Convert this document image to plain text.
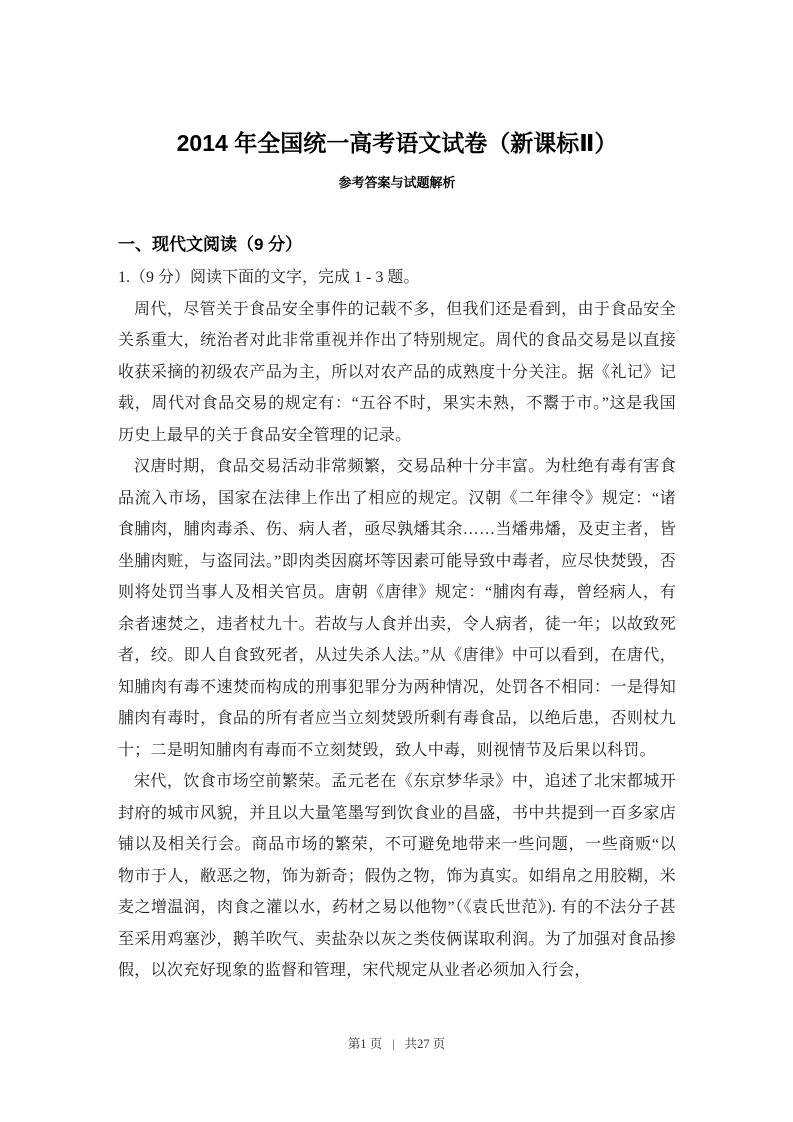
2014 年全国统一高考语文试卷（新课标Ⅱ）
参考答案与试题解析
一、现代文阅读（9 分）

1.（9 分）阅读下面的文字，完成 1 - 3 题。

周代，尽管关于食品安全事件的记载不多，但我们还是看到，由于食品安全关系重大，统治者对此非常重视并作出了特别规定。周代的食品交易是以直接收获采摘的初级农产品为主，所以对农产品的成熟度十分关注。据《礼记》记载，周代对食品交易的规定有：“五谷不时，果实未熟，不鬻于市。”这是我国历史上最早的关于食品安全管理的记录。

汉唐时期，食品交易活动非常频繁，交易品种十分丰富。为杜绝有毒有害食品流入市场，国家在法律上作出了相应的规定。汉朝《二年律令》规定：“诸食脯肉，脯肉毒杀、伤、病人者，亟尽孰燔其余……当燔弗燔，及吏主者，皆坐脯肉赃，与盗同法。”即肉类因腐坏等因素可能导致中毒者，应尽快焚毁，否则将处罚当事人及相关官员。唐朝《唐律》规定：“脯肉有毒，曾经病人，有余者速焚之，违者杖九十。若故与人食并出卖，令人病者，徒一年；以故致死者，绞。即人自食致死者，从过失杀人法。”从《唐律》中可以看到，在唐代，知脯肉有毒不速焚而构成的刑事犯罪分为两种情况，处罚各不相同：一是得知脯肉有毒时，食品的所有者应当立刻焚毁所剩有毒食品，以绝后患，否则杖九十；二是明知脯肉有毒而不立刻焚毁，致人中毒，则视情节及后果以科罚。

宋代，饮食市场空前繁荣。孟元老在《东京梦华录》中，追述了北宋都城开封府的城市风貌，并且以大量笔墨写到饮食业的昌盛，书中共提到一百多家店铺以及相关行会。商品市场的繁荣，不可避免地带来一些问题，一些商贩“以物市于人，敝恶之物，饰为新奇；假伪之物，饰为真实。如绢帛之用胶糊，米麦之增温润，肉食之灌以水，药材之易以他物”（《袁氏世范》). 有的不法分子甚至采用鸡塞沙，鹅羊吹气、卖盐杂以灰之类伎俩谋取利润。为了加强对食品掺假，以次充好现象的监督和管理，宋代规定从业者必须加入行会，

第1 页 | 共27 页
